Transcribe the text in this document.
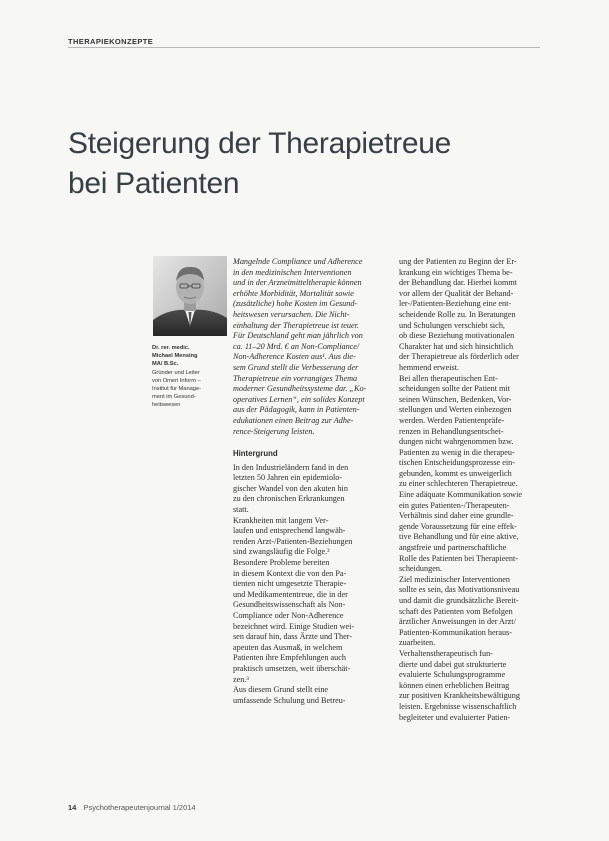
THERAPIEKONZEPTE
Steigerung der Therapietreue
bei Patienten
Dr. rer. medic.
Michael Mensing
MA/ B.Sc.
Gründer und Leiter
von Omeri Inform –
Institut für Manage-
ment im Gesund-
heitswesen
Mangelnde Compliance und Adherence
in den medizinischen Interventionen
und in der Arzneimitteltherapie können
erhöhte Morbidität, Mortalität sowie
(zusätzliche) hohe Kosten im Gesund-
heitswesen verursachen. Die Nicht-
einhaltung der Therapietreue ist teuer.
Für Deutschland geht man jährlich von
ca. 11–20 Mrd. € an Non-Compliance/
Non-Adherence Kosten aus¹. Aus die-
sem Grund stellt die Verbesserung der
Therapietreue ein vorrangiges Thema
moderner Gesundheitssysteme dar. „Ko-
operatives Lernen“, ein solides Konzept
aus der Pädagogik, kann in Patienten-
edukationen einen Beitrag zur Adhe-
rence-Steigerung leisten.
Hintergrund
In den Industrieländern fand in den
letzten 50 Jahren ein epidemiolo-
gischer Wandel von den akuten hin
zu den chronischen Erkrankungen
statt.
Krankheiten mit langem Ver-
laufen und entsprechend langwäh-
renden Arzt-/Patienten-Beziehungen
sind zwangsläufig die Folge.²
Besondere Probleme bereiten
in diesem Kontext die von den Pa-
tienten nicht umgesetzte Therapie-
und Medikamententreue, die in der
Gesundheitswissenschaft als Non-
Compliance oder Non-Adherence
bezeichnet wird. Einige Studien wei-
sen darauf hin, dass Ärzte und Ther-
apeuten das Ausmaß, in welchem
Patienten ihre Empfehlungen auch
praktisch umsetzen, weit überschät-
zen.³
Aus diesem Grund stellt eine
umfassende Schulung und Betreu-
ung der Patienten zu Beginn der Er-
krankung ein wichtiges Thema be-
der Behandlung dar. Hierbei kommt
vor allem der Qualität der Behand-
ler-/Patienten-Beziehung eine ent-
scheidende Rolle zu. In Beratungen
und Schulungen verschiebt sich,
ob diese Beziehung motivationalen
Charakter hat und sich hinsichtlich
der Therapietreue als förderlich oder
hemmend erweist.
Bei allen therapeutischen Ent-
scheidungen sollte der Patient mit
seinen Wünschen, Bedenken, Vor-
stellungen und Werten einbezogen
werden. Werden Patientenpräfe-
renzen in Behandlungsentschei-
dungen nicht wahrgenommen bzw.
Patienten zu wenig in die therapeu-
tischen Entscheidungsprozesse ein-
gebunden, kommt es unweigerlich
zu einer schlechteren Therapietreue.
Eine adäquate Kommunikation sowie
ein gutes Patienten-/Therapeuten-
Verhältnis sind daher eine grundle-
gende Voraussetzung für eine effek-
tive Behandlung und für eine aktive,
angstfreie und partnerschaftliche
Rolle des Patienten bei Therapieent-
scheidungen.
Ziel medizinischer Interventionen
sollte es sein, das Motivationsniveau
und damit die grundsätzliche Bereit-
schaft des Patienten vom Befolgen
ärztlicher Anweisungen in der Arzt/
Patienten-Kommunikation heraus-
zuarbeiten.
Verhaltenstherapeutisch fun-
dierte und dabei gut strukturierte
evaluierte Schulungsprogramme
können einen erheblichen Beitrag
zur positiven Krankheitsbewältigung
leisten. Ergebnisse wissenschaftlich
begleiteter und evaluierter Patien-
14 Psychotherapeutenjournal 1/2014
